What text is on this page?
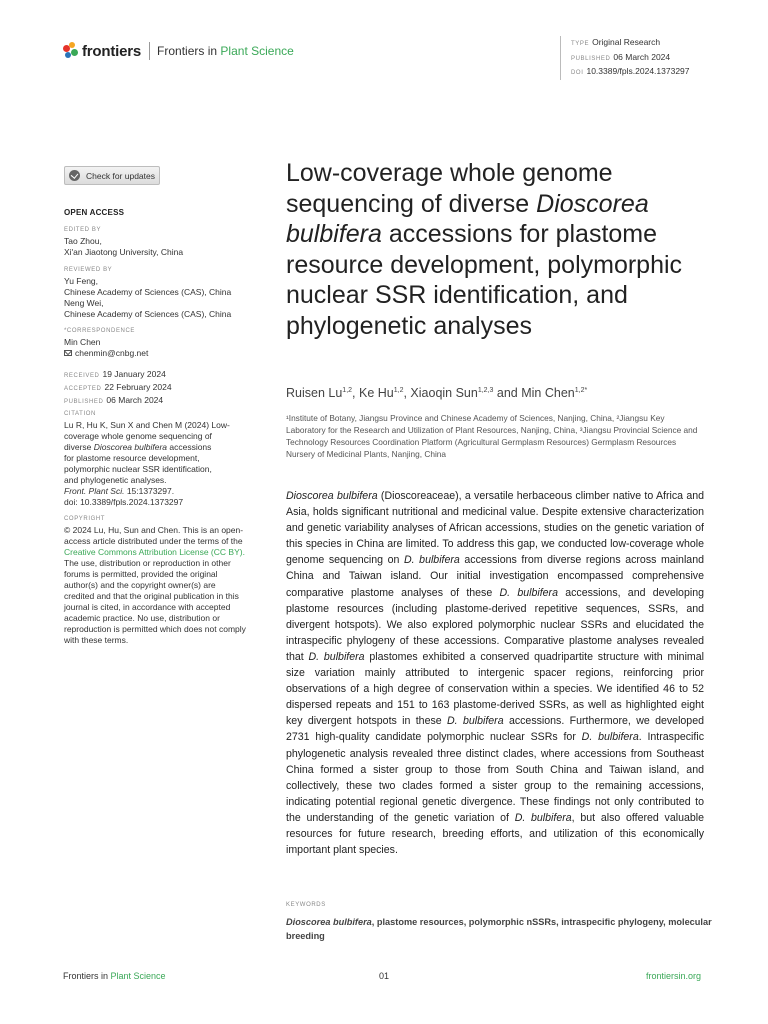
frontiers Frontiers in Plant Science	TYPE Original Research
PUBLISHED 06 March 2024
DOI 10.3389/fpls.2024.1373297
Check for updates
OPEN ACCESS
EDITED BY
Tao Zhou,
Xi'an Jiaotong University, China
REVIEWED BY
Yu Feng,
Chinese Academy of Sciences (CAS), China
Neng Wei,
Chinese Academy of Sciences (CAS), China
*CORRESPONDENCE
Min Chen
chenmin@cnbg.net
RECEIVED 19 January 2024
ACCEPTED 22 February 2024
PUBLISHED 06 March 2024
CITATION
Lu R, Hu K, Sun X and Chen M (2024) Low-
coverage whole genome sequencing of
diverse Dioscorea bulbifera accessions
for plastome resource development,
polymorphic nuclear SSR identification,
and phylogenetic analyses.
Front. Plant Sci. 15:1373297.
doi: 10.3389/fpls.2024.1373297
COPYRIGHT
© 2024 Lu, Hu, Sun and Chen. This is an open-access article distributed under the terms of the Creative Commons Attribution License (CC BY). The use, distribution or reproduction in other forums is permitted, provided the original author(s) and the copyright owner(s) are credited and that the original publication in this journal is cited, in accordance with accepted academic practice. No use, distribution or reproduction is permitted which does not comply with these terms.
Low-coverage whole genome sequencing of diverse Dioscorea bulbifera accessions for plastome resource development, polymorphic nuclear SSR identification, and phylogenetic analyses
Ruisen Lu$^{1,2}$, Ke Hu$^{1,2}$, Xiaoqin Sun$^{1,2,3}$ and Min Chen$^{1,2*}$
¹Institute of Botany, Jiangsu Province and Chinese Academy of Sciences, Nanjing, China, ²Jiangsu Key Laboratory for the Research and Utilization of Plant Resources, Nanjing, China, ³Jiangsu Provincial Science and Technology Resources Coordination Platform (Agricultural Germplasm Resources) Germplasm Resources Nursery of Medicinal Plants, Nanjing, China
Dioscorea bulbifera (Dioscoreaceae), a versatile herbaceous climber native to Africa and Asia, holds significant nutritional and medicinal value. Despite extensive characterization and genetic variability analyses of African accessions, studies on the genetic variation of this species in China are limited. To address this gap, we conducted low-coverage whole genome sequencing on D. bulbifera accessions from diverse regions across mainland China and Taiwan island. Our initial investigation encompassed comprehensive comparative plastome analyses of these D. bulbifera accessions, and developing plastome resources (including plastome-derived repetitive sequences, SSRs, and divergent hotspots). We also explored polymorphic nuclear SSRs and elucidated the intraspecific phylogeny of these accessions. Comparative plastome analyses revealed that D. bulbifera plastomes exhibited a conserved quadripartite structure with minimal size variation mainly attributed to intergenic spacer regions, reinforcing prior observations of a high degree of conservation within a species. We identified 46 to 52 dispersed repeats and 151 to 163 plastome-derived SSRs, as well as highlighted eight key divergent hotspots in these D. bulbifera accessions. Furthermore, we developed 2731 high-quality candidate polymorphic nuclear SSRs for D. bulbifera. Intraspecific phylogenetic analysis revealed three distinct clades, where accessions from Southeast China formed a sister group to those from South China and Taiwan island, and collectively, these two clades formed a sister group to the remaining accessions, indicating potential regional genetic divergence. These findings not only contributed to the understanding of the genetic variation of D. bulbifera, but also offered valuable resources for future research, breeding efforts, and utilization of this economically important plant species.
KEYWORDS
Dioscorea bulbifera, plastome resources, polymorphic nSSRs, intraspecific phylogeny, molecular breeding
Frontiers in Plant Science	01	frontiersin.org
